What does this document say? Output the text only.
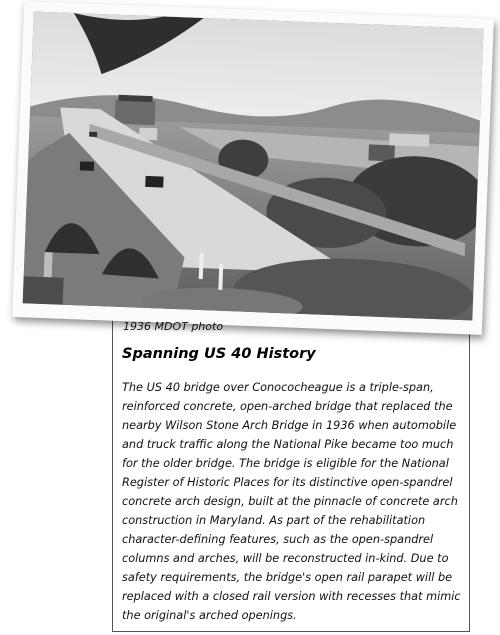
1936 MDOT photo
Spanning US 40 History
The US 40 bridge over Conococheague is a triple-span, reinforced concrete, open-arched bridge that replaced the nearby Wilson Stone Arch Bridge in 1936 when automobile and truck traffic along the National Pike became too much for the older bridge. The bridge is eligible for the National Register of Historic Places for its distinctive open-spandrel concrete arch design, built at the pinnacle of concrete arch construction in Maryland. As part of the rehabilitation character-defining features, such as the open-spandrel columns and arches, will be reconstructed in-kind. Due to safety requirements, the bridge's open rail parapet will be replaced with a closed rail version with recesses that mimic the original's arched openings.
